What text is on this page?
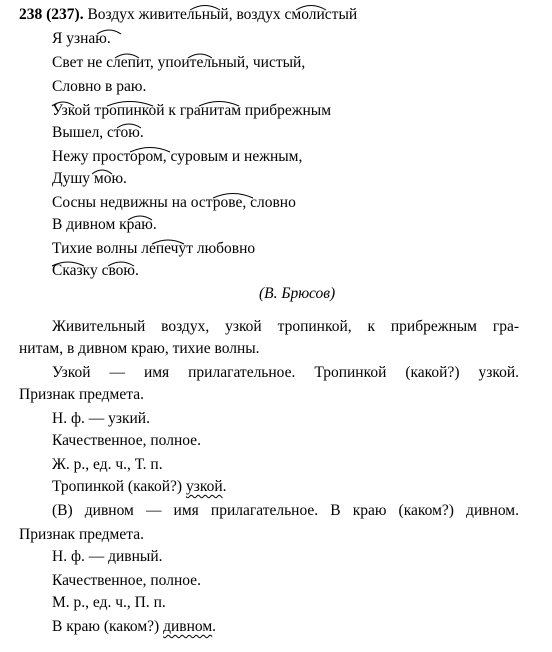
238 (237). Воздух живительный, воздух смолистый
Я узнаю.
Свет не слепит, упоительный, чистый,
Словно в раю.
Узкой тропинкой к гранитам прибрежным
Вышел, стою.
Нежу простором, суровым и нежным,
Душу мою.
Сосны недвижны на острове, словно
В дивном краю.
Тихие волны лепечут любовно
Сказку свою.
(В. Брюсов)
Живительный воздух, узкой тропинкой, к прибрежным гра-
нитам, в дивном краю, тихие волны.
Узкой — имя прилагательное. Тропинкой (какой?) узкой.
Признак предмета.
Н. ф. — узкий.
Качественное, полное.
Ж. р., ед. ч., Т. п.
Тропинкой (какой?) узкой.
(В) дивном — имя прилагательное. В краю (каком?) дивном.
Признак предмета.
Н. ф. — дивный.
Качественное, полное.
М. р., ед. ч., П. п.
В краю (каком?) дивном.
